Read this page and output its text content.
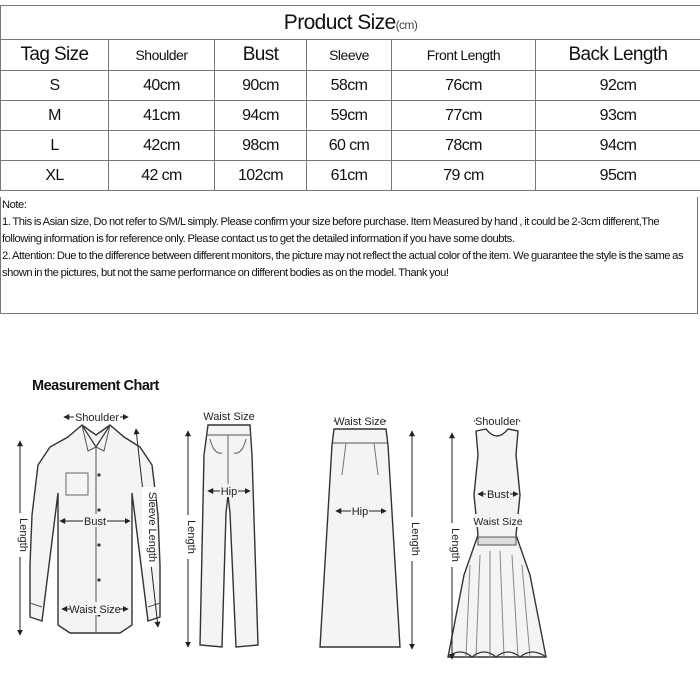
Product Size(cm)					
Tag Size	Shoulder	Bust	Sleeve	Front Length	Back Length
S	40cm	90cm	58cm	76cm	92cm
M	41cm	94cm	59cm	77cm	93cm
L	42cm	98cm	60 cm	78cm	94cm
XL	42 cm	102cm	61cm	79 cm	95cm

Note:

1. This is Asian size, Do not refer to S/M/L simply. Please confirm your size before purchase. Item Measured by hand , it could be 2-3cm different,The following information is for reference only. Please contact us to get the detailed information if you have some doubts.

2. Attention: Due to the difference between different monitors, the picture may not reflect the actual color of the item. We guarantee the style is the same as shown in the pictures, but not the same performance on different bodies as on the model. Thank you!

Measurement Chart
Shoulder
Bust
Waist Size
Length	Sleeve Length
Waist Size
Hip
Length
Waist Size
Hip
Length
Shoulder
Bust
Waist Size
Length
